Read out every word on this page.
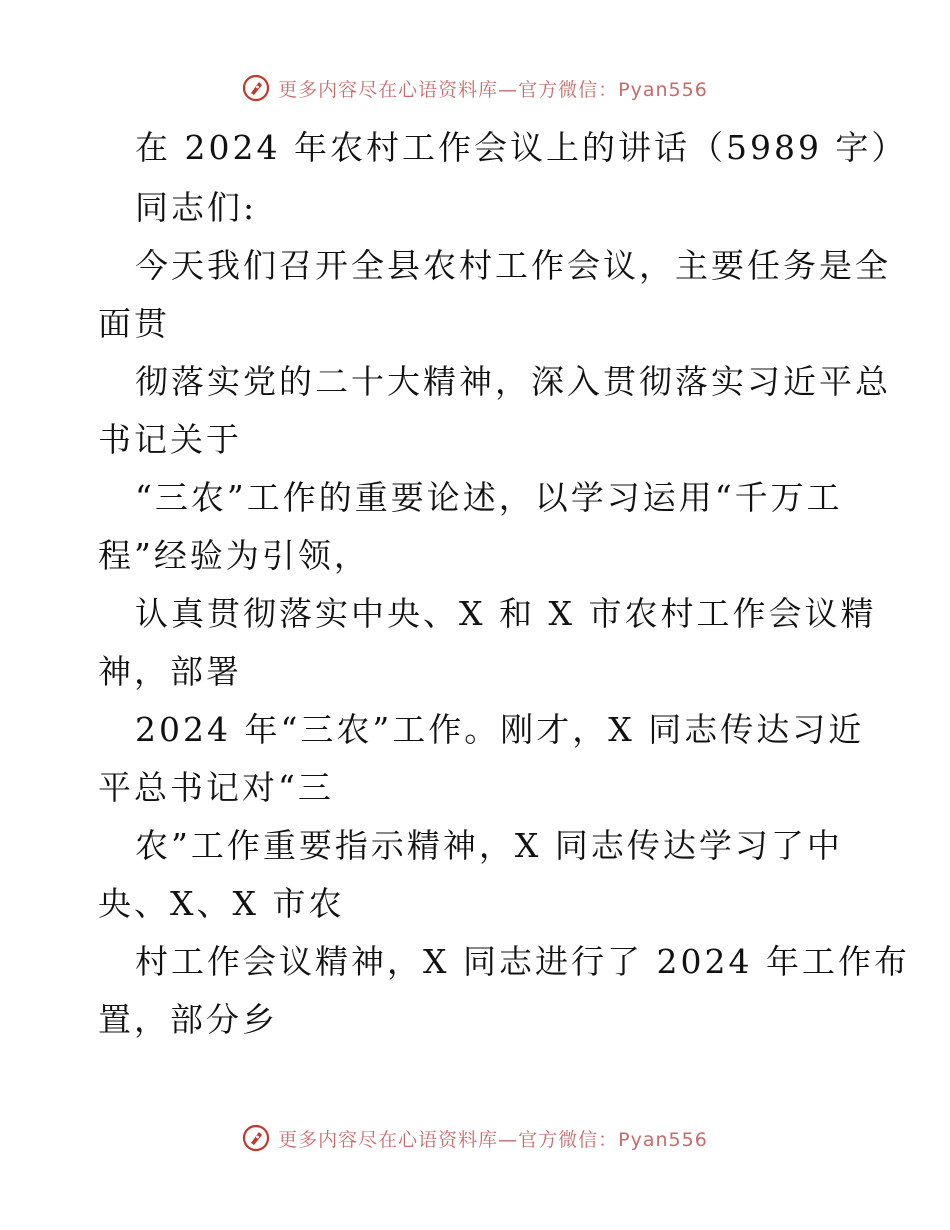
更多内容尽在心语资料库—官方微信：Pyan556
在 2024 年农村工作会议上的讲话（5989 字）
同志们:
今天我们召开全县农村工作会议，主要任务是全
面贯
彻落实党的二十大精神，深入贯彻落实习近平总
书记关于
“三农”工作的重要论述，以学习运用“千万工
程”经验为引领，
认真贯彻落实中央、X 和 X 市农村工作会议精
神，部署
2024 年“三农”工作。刚才，X 同志传达习近
平总书记对“三
农”工作重要指示精神，X 同志传达学习了中
央、X、X 市农
村工作会议精神，X 同志进行了 2024 年工作布
置，部分乡
更多内容尽在心语资料库—官方微信：Pyan556
